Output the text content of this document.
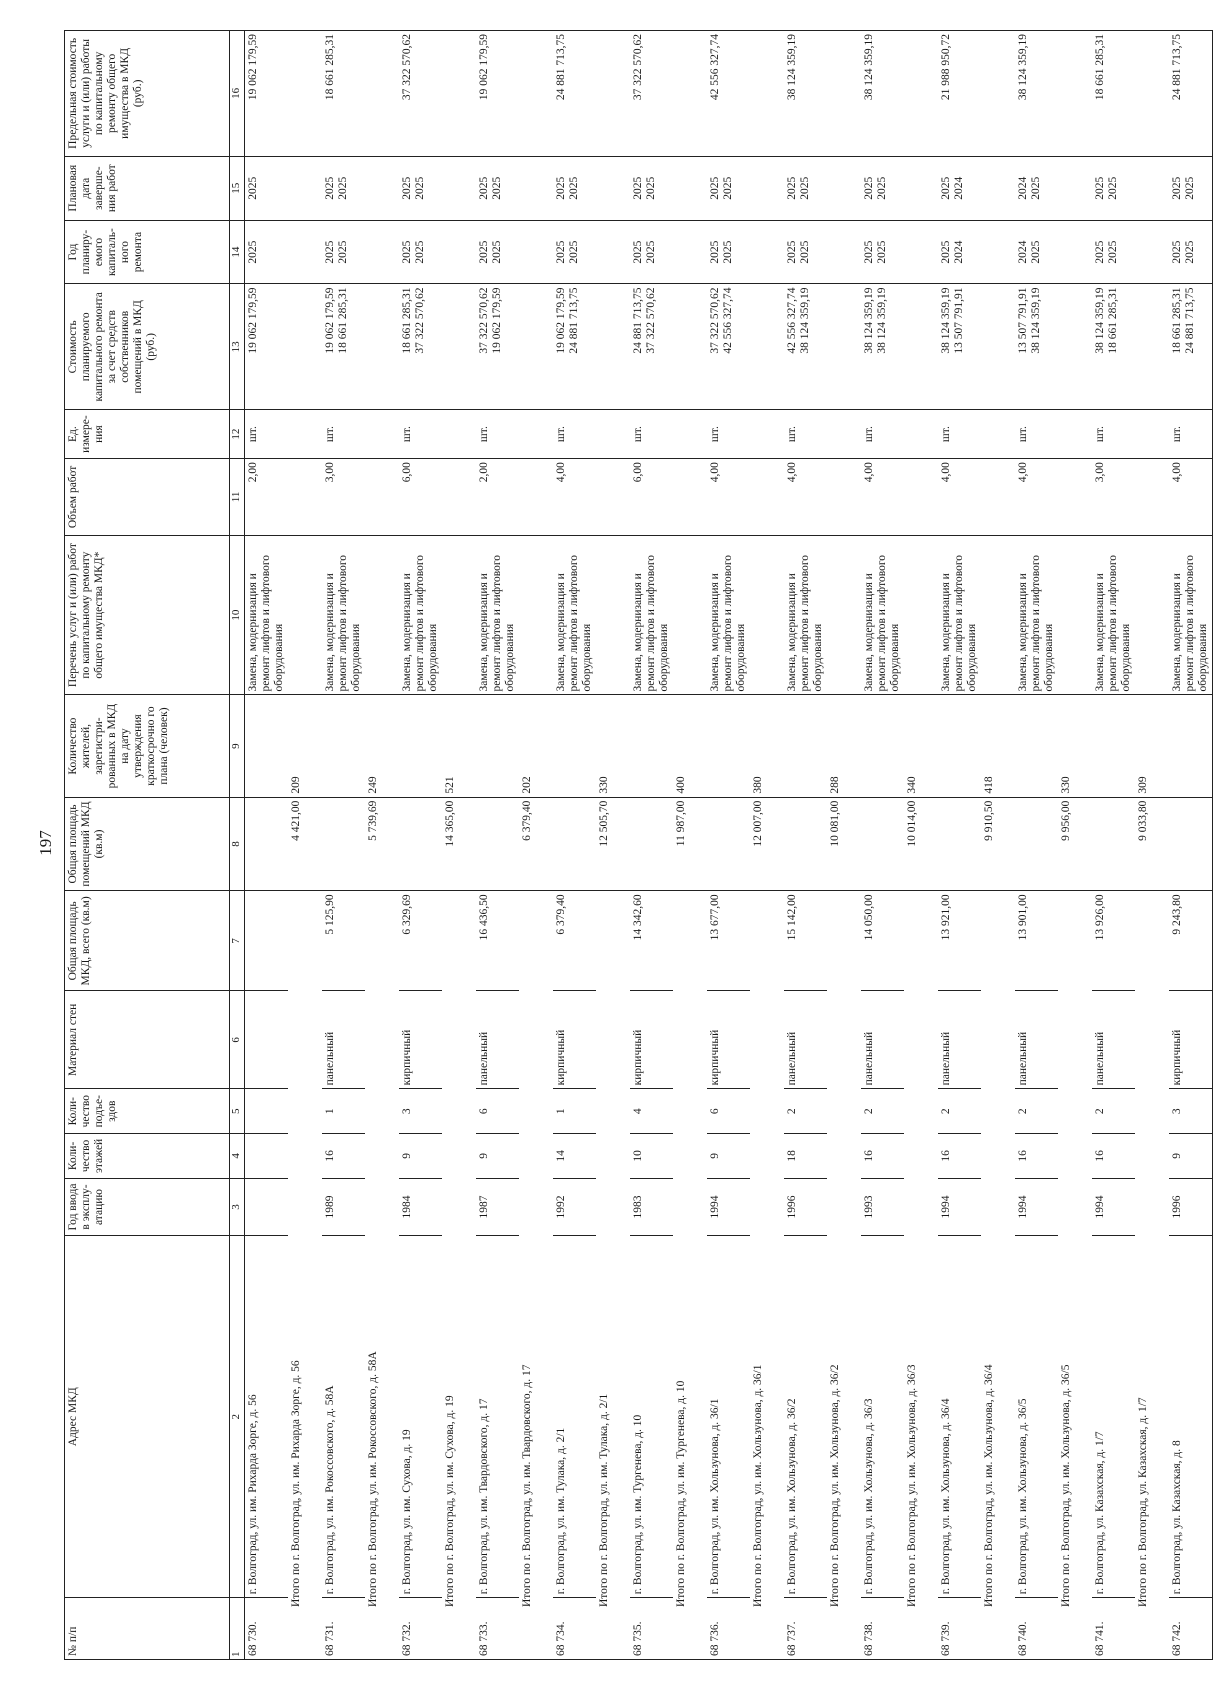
197
№ п/п	Адрес МКД	Год ввода в эксплу-атацию	Коли-чество этажей	Коли-чество подъе-здов	Материал стен	Общая площадь МКД, всего (кв.м)	Общая площадь помещений МКД (кв.м)	Количество жителей, зарегистри-рованных в МКД на дату утверждения краткосрочно го плана (человек)	Перечень услуг и (или) работ по капитальному ремонту общего имущества МКД*	Объем работ	Ед. измере-ния	Стоимость планируемого капитального ремонта за счет средств собственников помещений в МКД (руб.)	Год планиру-емого капиталь-ного ремонта	Плановая дата заверше-ния работ	Предельная стоимость услуги и (или) работы по капитальному ремонту общего имущества в МКД (руб.)
1	2	3	4	5	6	7	8	9	10	11	12	13	14	15	16
68 730.	г. Волгоград, ул. им. Рихарда Зорге, д. 56								Замена, модернизация и ремонт лифтов и лифтового оборудования	2,00	шт.	19 062 179,59	2025	2025	19 062 179,59
Итого по г. Волгоград, ул. им. Рихарда Зорге, д. 56							4 421,00	209							
68 731.	г. Волгоград, ул. им. Рокоссовского, д. 58А	1989	16	1	панельный	5 125,90			Замена, модернизация и ремонт лифтов и лифтового оборудования	3,00	шт.	19 062 179,59 18 661 285,31	2025 2025	2025 2025	18 661 285,31
Итого по г. Волгоград, ул. им. Рокоссовского, д. 58А							5 739,69	249							
68 732.	г. Волгоград, ул. им. Сухова, д. 19	1984	9	3	кирпичный	6 329,69			Замена, модернизация и ремонт лифтов и лифтового оборудования	6,00	шт.	18 661 285,31 37 322 570,62	2025 2025	2025 2025	37 322 570,62
Итого по г. Волгоград, ул. им. Сухова, д. 19							14 365,00	521							
68 733.	г. Волгоград, ул. им. Твардовского, д. 17	1987	9	6	панельный	16 436,50			Замена, модернизация и ремонт лифтов и лифтового оборудования	2,00	шт.	37 322 570,62 19 062 179,59	2025 2025	2025 2025	19 062 179,59
Итого по г. Волгоград, ул. им. Твардовского, д. 17							6 379,40	202							
68 734.	г. Волгоград, ул. им. Тулака, д. 2/1	1992	14	1	кирпичный	6 379,40			Замена, модернизация и ремонт лифтов и лифтового оборудования	4,00	шт.	19 062 179,59 24 881 713,75	2025 2025	2025 2025	24 881 713,75
Итого по г. Волгоград, ул. им. Тулака, д. 2/1							12 505,70	330							
68 735.	г. Волгоград, ул. им. Тургенева, д. 10	1983	10	4	кирпичный	14 342,60			Замена, модернизация и ремонт лифтов и лифтового оборудования	6,00	шт.	24 881 713,75 37 322 570,62	2025 2025	2025 2025	37 322 570,62
Итого по г. Волгоград, ул. им. Тургенева, д. 10							11 987,00	400							
68 736.	г. Волгоград, ул. им. Хользунова, д. 36/1	1994	9	6	кирпичный	13 677,00			Замена, модернизация и ремонт лифтов и лифтового оборудования	4,00	шт.	37 322 570,62 42 556 327,74	2025 2025	2025 2025	42 556 327,74
Итого по г. Волгоград, ул. им. Хользунова, д. 36/1							12 007,00	380							
68 737.	г. Волгоград, ул. им. Хользунова, д. 36/2	1996	18	2	панельный	15 142,00			Замена, модернизация и ремонт лифтов и лифтового оборудования	4,00	шт.	42 556 327,74 38 124 359,19	2025 2025	2025 2025	38 124 359,19
Итого по г. Волгоград, ул. им. Хользунова, д. 36/2							10 081,00	288							
68 738.	г. Волгоград, ул. им. Хользунова, д. 36/3	1993	16	2	панельный	14 050,00			Замена, модернизация и ремонт лифтов и лифтового оборудования	4,00	шт.	38 124 359,19 38 124 359,19	2025 2025	2025 2025	38 124 359,19
Итого по г. Волгоград, ул. им. Хользунова, д. 36/3							10 014,00	340							
68 739.	г. Волгоград, ул. им. Хользунова, д. 36/4	1994	16	2	панельный	13 921,00			Замена, модернизация и ремонт лифтов и лифтового оборудования	4,00	шт.	38 124 359,19 13 507 791,91	2025 2024	2025 2024	21 988 950,72
Итого по г. Волгоград, ул. им. Хользунова, д. 36/4							9 910,50	418							
68 740.	г. Волгоград, ул. им. Хользунова, д. 36/5	1994	16	2	панельный	13 901,00			Замена, модернизация и ремонт лифтов и лифтового оборудования	4,00	шт.	13 507 791,91 38 124 359,19	2024 2025	2024 2025	38 124 359,19
Итого по г. Волгоград, ул. им. Хользунова, д. 36/5							9 956,00	330							
68 741.	г. Волгоград, ул. Казахская, д. 1/7	1994	16	2	панельный	13 926,00			Замена, модернизация и ремонт лифтов и лифтового оборудования	3,00	шт.	38 124 359,19 18 661 285,31	2025 2025	2025 2025	18 661 285,31
Итого по г. Волгоград, ул. Казахская, д. 1/7							9 033,80	309							
68 742.	г. Волгоград, ул. Казахская, д. 8	1996	9	3	кирпичный	9 243,80			Замена, модернизация и ремонт лифтов и лифтового оборудования	4,00	шт.	18 661 285,31 24 881 713,75	2025 2025	2025 2025	24 881 713,75
